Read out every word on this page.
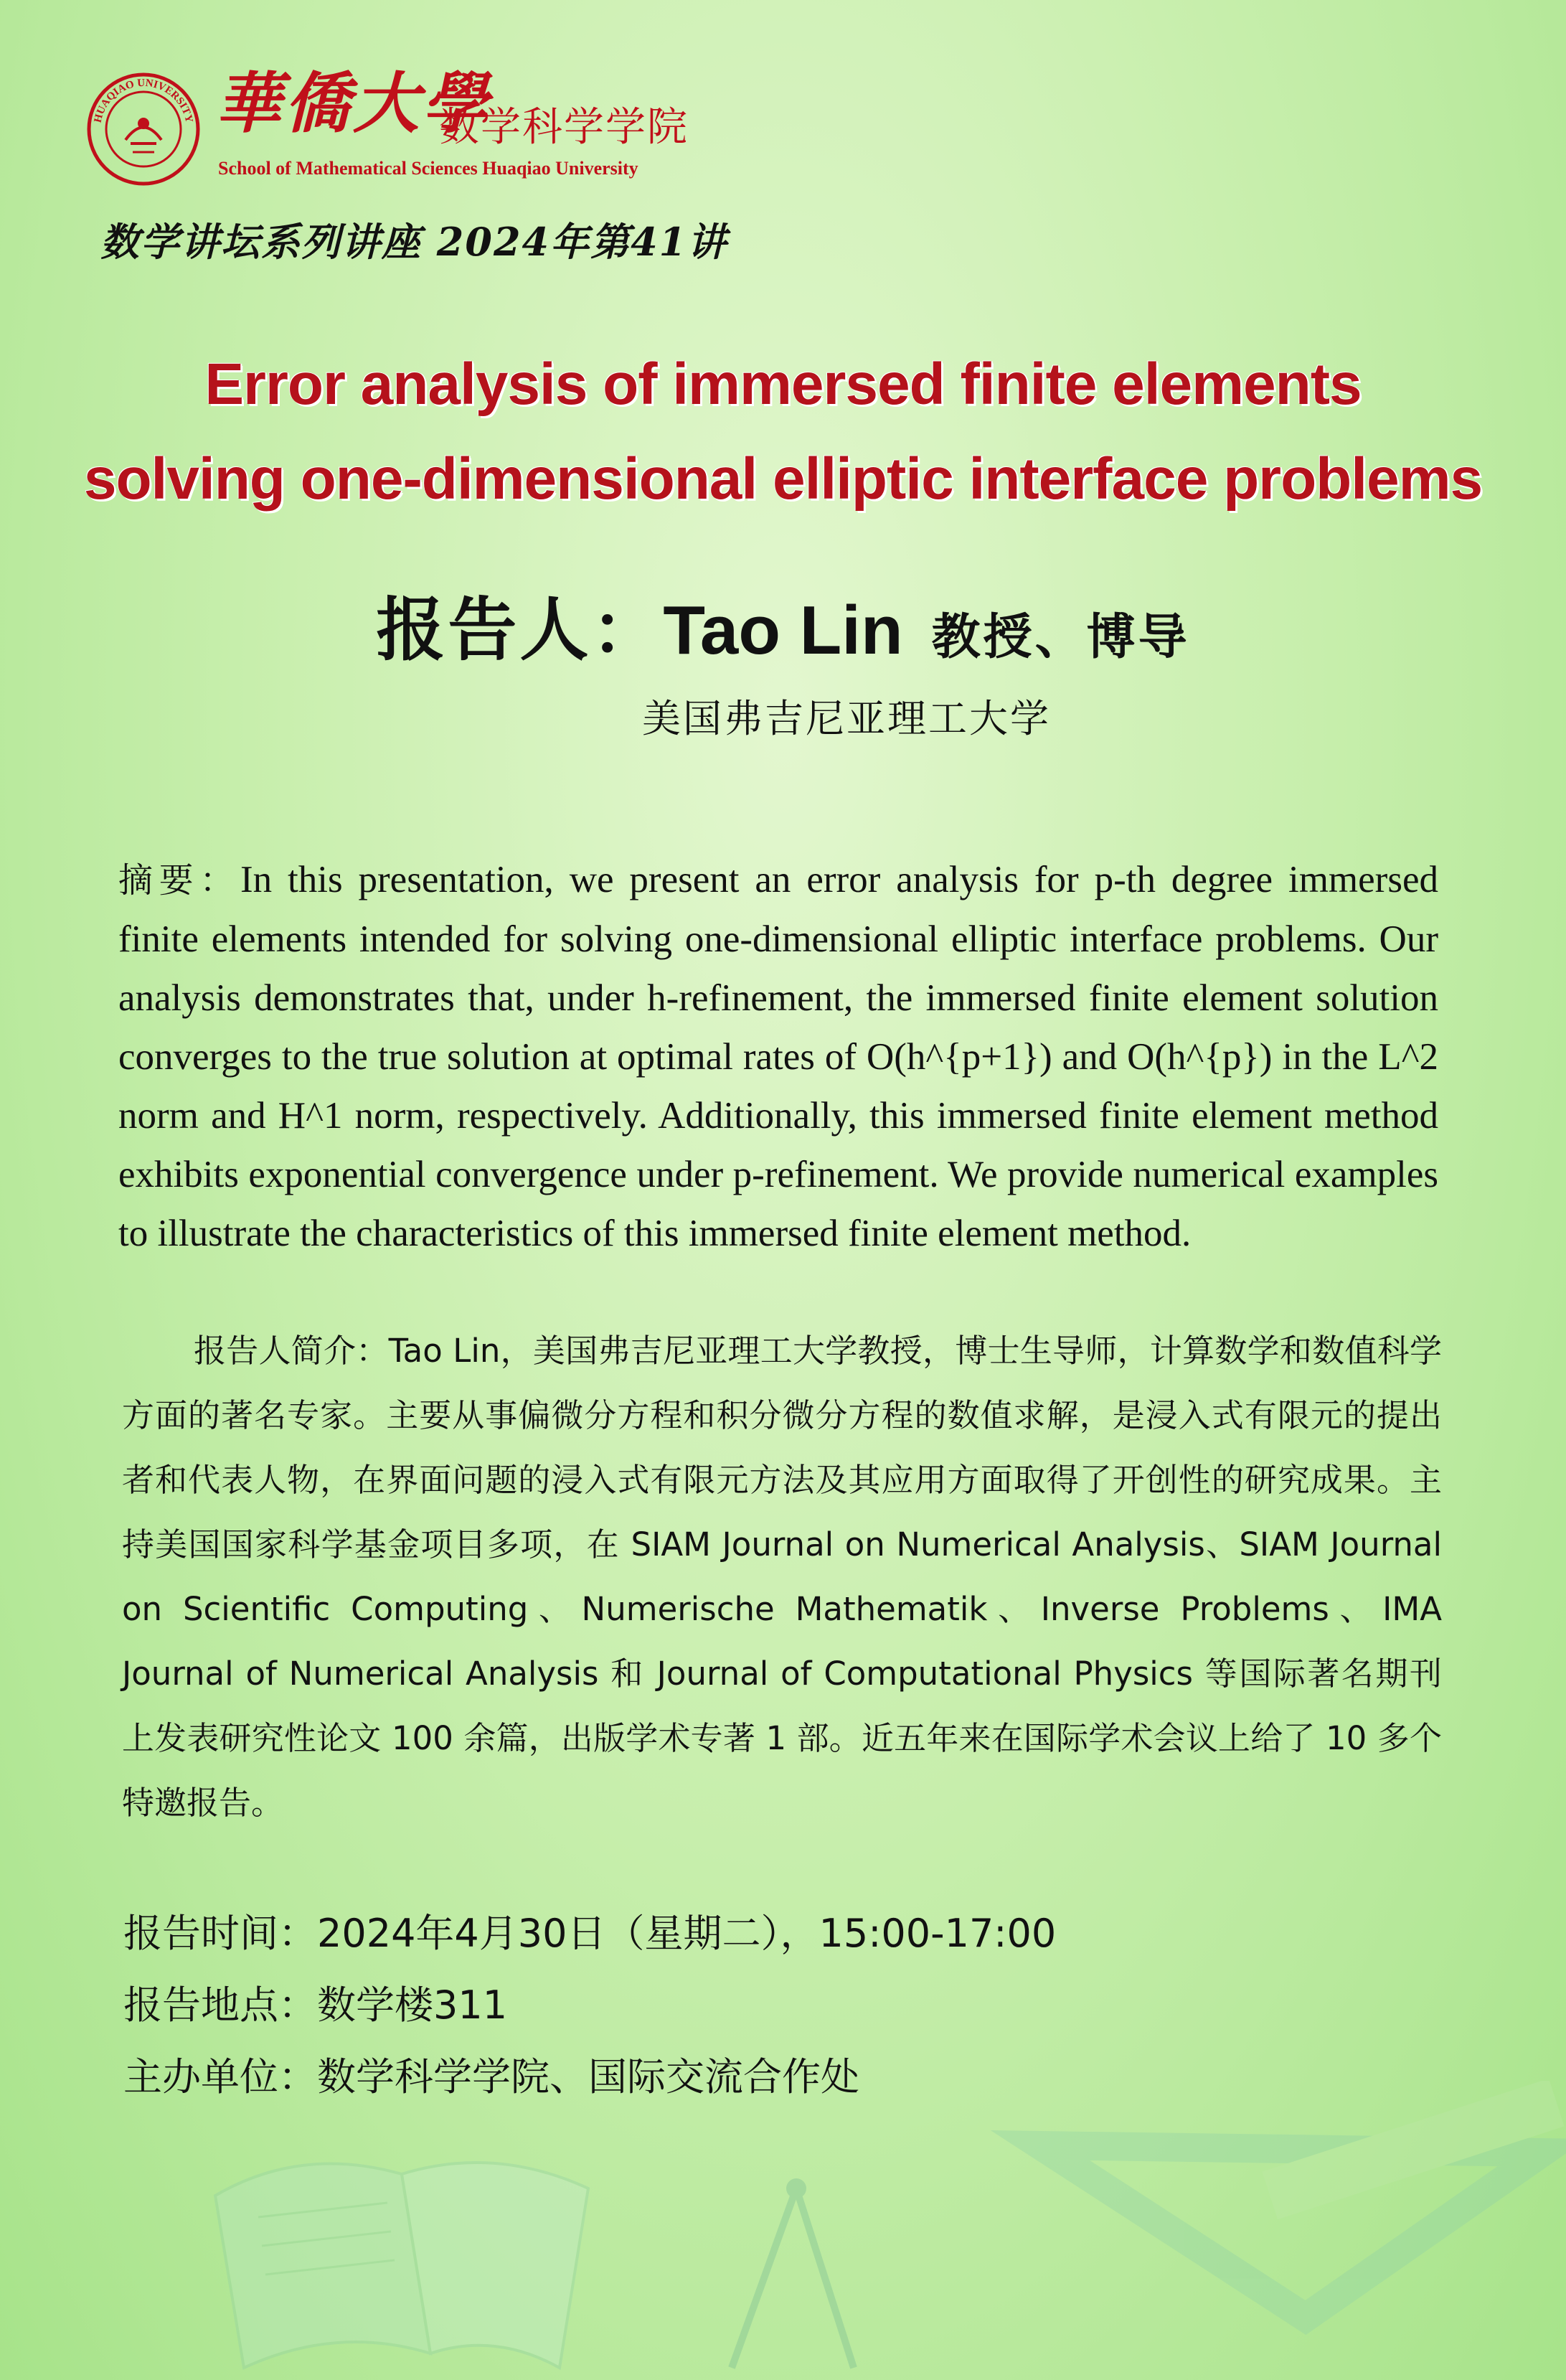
HUAQIAO UNIVERSITY 華僑大學
数学科学学院
School of Mathematical Sciences Huaqiao University
数学讲坛系列讲座 2024年第41讲
Error analysis of immersed finite elements
solving one-dimensional elliptic interface problems
报告人：Tao Lin 教授、博导
美国弗吉尼亚理工大学
摘要：In this presentation, we present an error analysis for p-th degree immersed finite elements intended for solving one-dimensional elliptic interface problems. Our analysis demonstrates that, under h-refinement, the immersed finite element solution converges to the true solution at optimal rates of O(h^{p+1}) and O(h^{p}) in the L^2 norm and H^1 norm, respectively. Additionally, this immersed finite element method exhibits exponential convergence under p-refinement. We provide numerical examples to illustrate the characteristics of this immersed finite element method.
报告人简介：Tao Lin，美国弗吉尼亚理工大学教授，博士生导师，计算数学和数值科学方面的著名专家。主要从事偏微分方程和积分微分方程的数值求解，是浸入式有限元的提出者和代表人物，在界面问题的浸入式有限元方法及其应用方面取得了开创性的研究成果。主持美国国家科学基金项目多项，在 SIAM Journal on Numerical Analysis、SIAM Journal on Scientific Computing、Numerische Mathematik、Inverse Problems、IMA Journal of Numerical Analysis 和 Journal of Computational Physics 等国际著名期刊上发表研究性论文 100 余篇，出版学术专著 1 部。近五年来在国际学术会议上给了 10 多个特邀报告。
报告时间：2024年4月30日（星期二），15:00-17:00
报告地点：数学楼311
主办单位：数学科学学院、国际交流合作处
